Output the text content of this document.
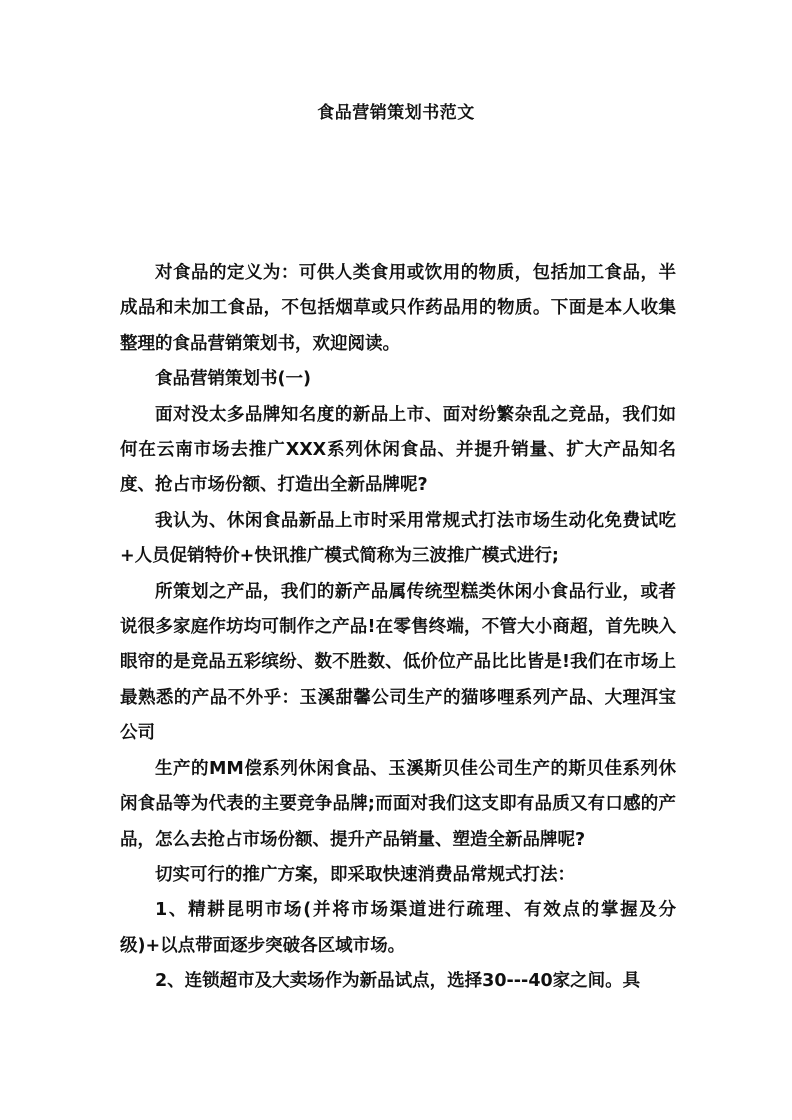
食品营销策划书范文

对食品的定义为：可供人类食用或饮用的物质，包括加工食品，半成品和未加工食品，不包括烟草或只作药品用的物质。下面是本人收集整理的食品营销策划书，欢迎阅读。

食品营销策划书(一)

面对没太多品牌知名度的新品上市、面对纷繁杂乱之竞品，我们如何在云南市场去推广XXX系列休闲食品、并提升销量、扩大产品知名度、抢占市场份额、打造出全新品牌呢?

我认为、休闲食品新品上市时采用常规式打法市场生动化免费试吃+人员促销特价+快讯推广模式简称为三波推广模式进行;

所策划之产品，我们的新产品属传统型糕类休闲小食品行业，或者说很多家庭作坊均可制作之产品!在零售终端，不管大小商超，首先映入眼帘的是竞品五彩缤纷、数不胜数、低价位产品比比皆是!我们在市场上最熟悉的产品不外乎：玉溪甜馨公司生产的猫哆哩系列产品、大理洱宝公司

生产的MM偿系列休闲食品、玉溪斯贝佳公司生产的斯贝佳系列休闲食品等为代表的主要竞争品牌;而面对我们这支即有品质又有口感的产品，怎么去抢占市场份额、提升产品销量、塑造全新品牌呢?

切实可行的推广方案，即采取快速消费品常规式打法：

1、精耕昆明市场(并将市场渠道进行疏理、有效点的掌握及分级)+以点带面逐步突破各区域市场。

2、连锁超市及大卖场作为新品试点，选择30---40家之间。具
